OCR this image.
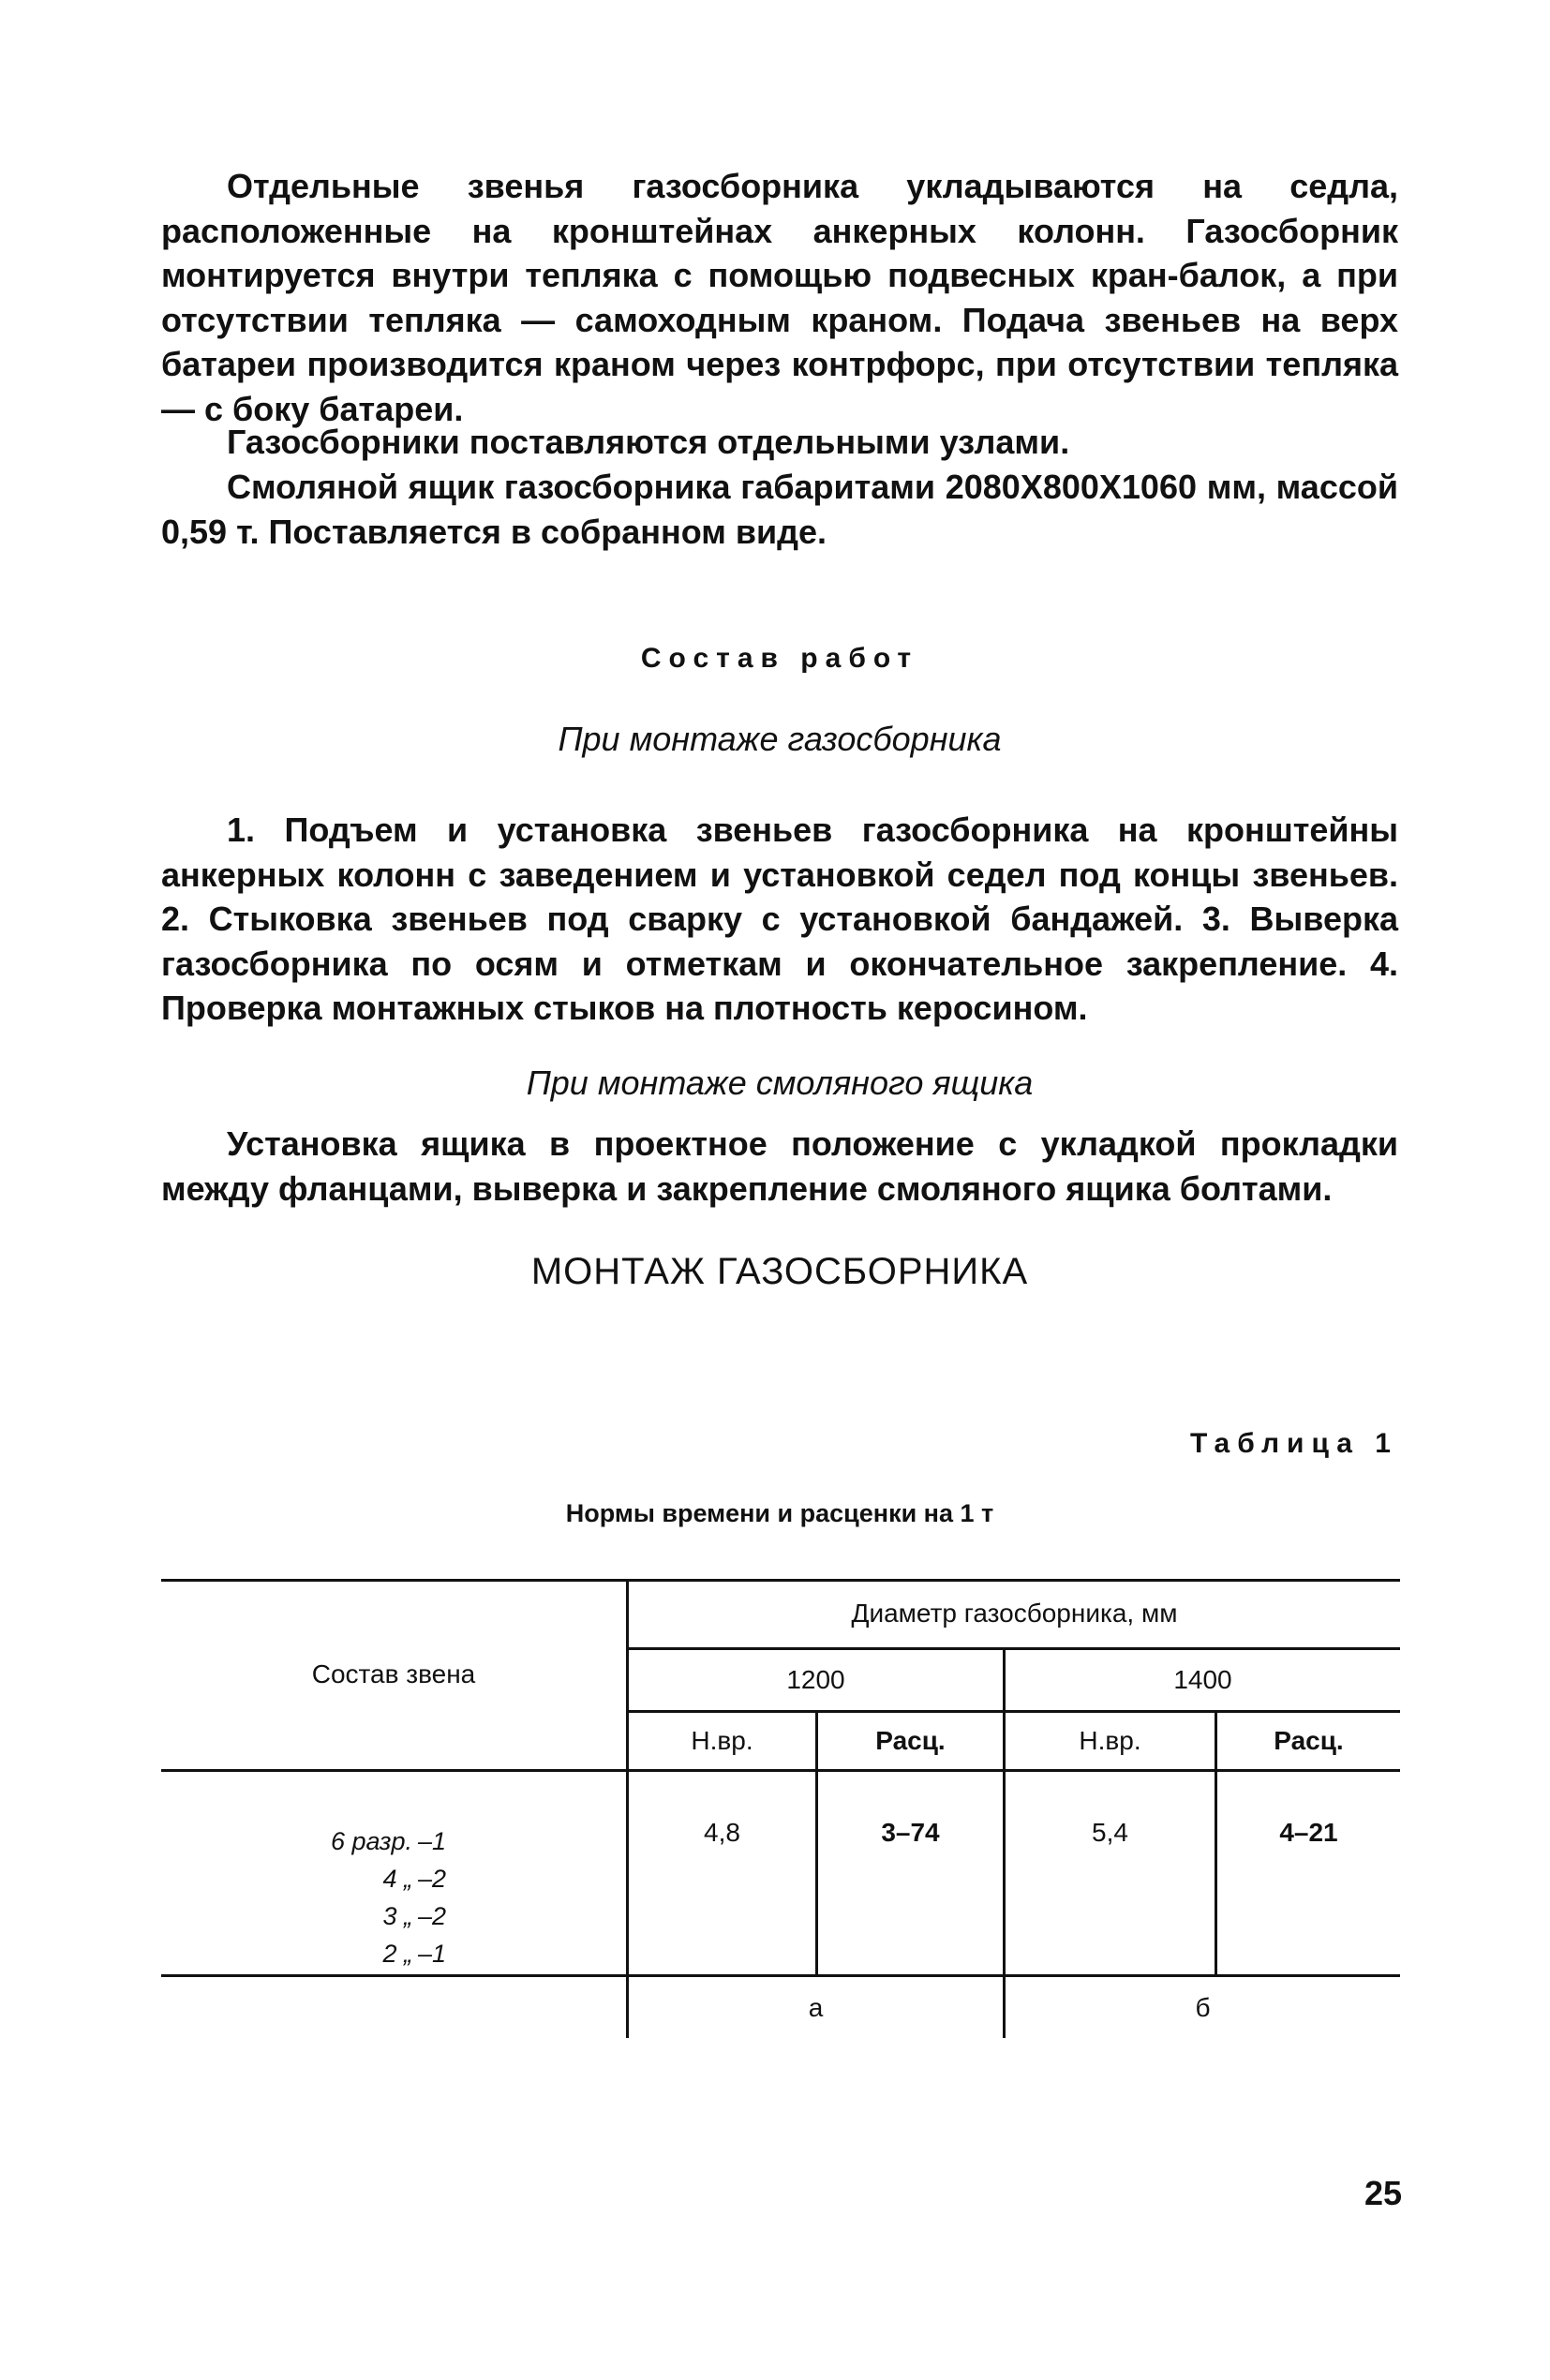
Отдельные звенья газосборника укладываются на седла, расположенные на кронштейнах анкерных колонн. Газосборник монтируется внутри тепляка с помощью подвесных кран-балок, а при отсутствии тепляка — самоходным краном. Подача звеньев на верх батареи производится краном через контрфорс, при отсутствии тепляка — с боку батареи.

Газосборники поставляются отдельными узлами.

Смоляной ящик газосборника габаритами 2080Х800Х1060 мм, массой 0,59 т. Поставляется в собранном виде.

Состав работ

При монтаже газосборника

1. Подъем и установка звеньев газосборника на кронштейны анкерных колонн с заведением и установкой седел под концы звеньев. 2. Стыковка звеньев под сварку с установкой бандажей. 3. Выверка газосборника по осям и отметкам и окончательное закрепление. 4. Проверка монтажных стыков на плотность керосином.

При монтаже смоляного ящика

Установка ящика в проектное положение с укладкой прокладки между фланцами, выверка и закрепление смоляного ящика болтами.

МОНТАЖ ГАЗОСБОРНИКА

Таблица 1

Нормы времени и расценки на 1 т

Состав звена
Диаметр газосборника, мм
1200	1400
Н.вр.	Расц.	Н.вр.	Расц.
6 разр. –1
4 „ –2
3 „ –2
2 „ –1
4,8	3–74	5,4	4–21
а	б
25
